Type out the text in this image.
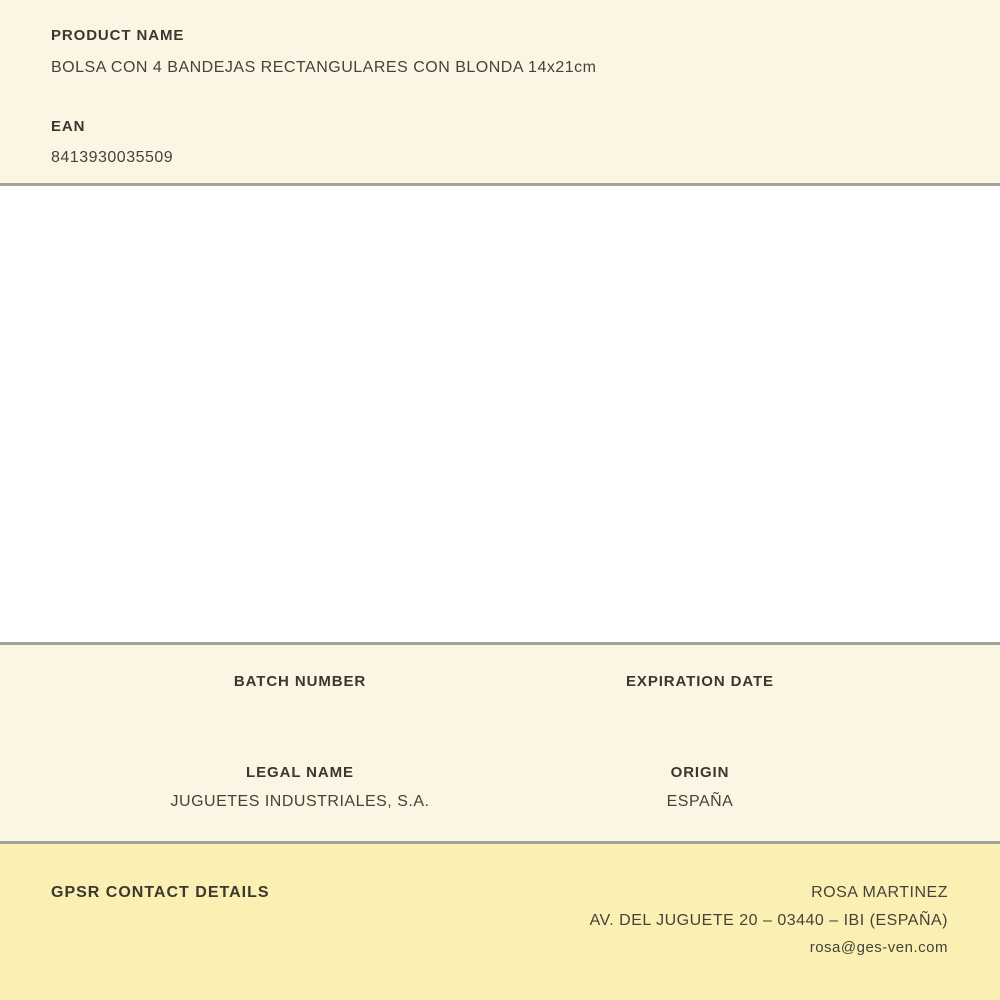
PRODUCT NAME
BOLSA CON 4 BANDEJAS RECTANGULARES CON BLONDA 14x21cm
EAN
8413930035509
BATCH NUMBER	EXPIRATION DATE
LEGAL NAME
JUGUETES INDUSTRIALES, S.A.
ORIGIN
ESPAÑA
GPSR CONTACT DETAILS	ROSA MARTINEZ
AV. DEL JUGUETE 20 – 03440 – IBI (ESPAÑA)
rosa@ges-ven.com
